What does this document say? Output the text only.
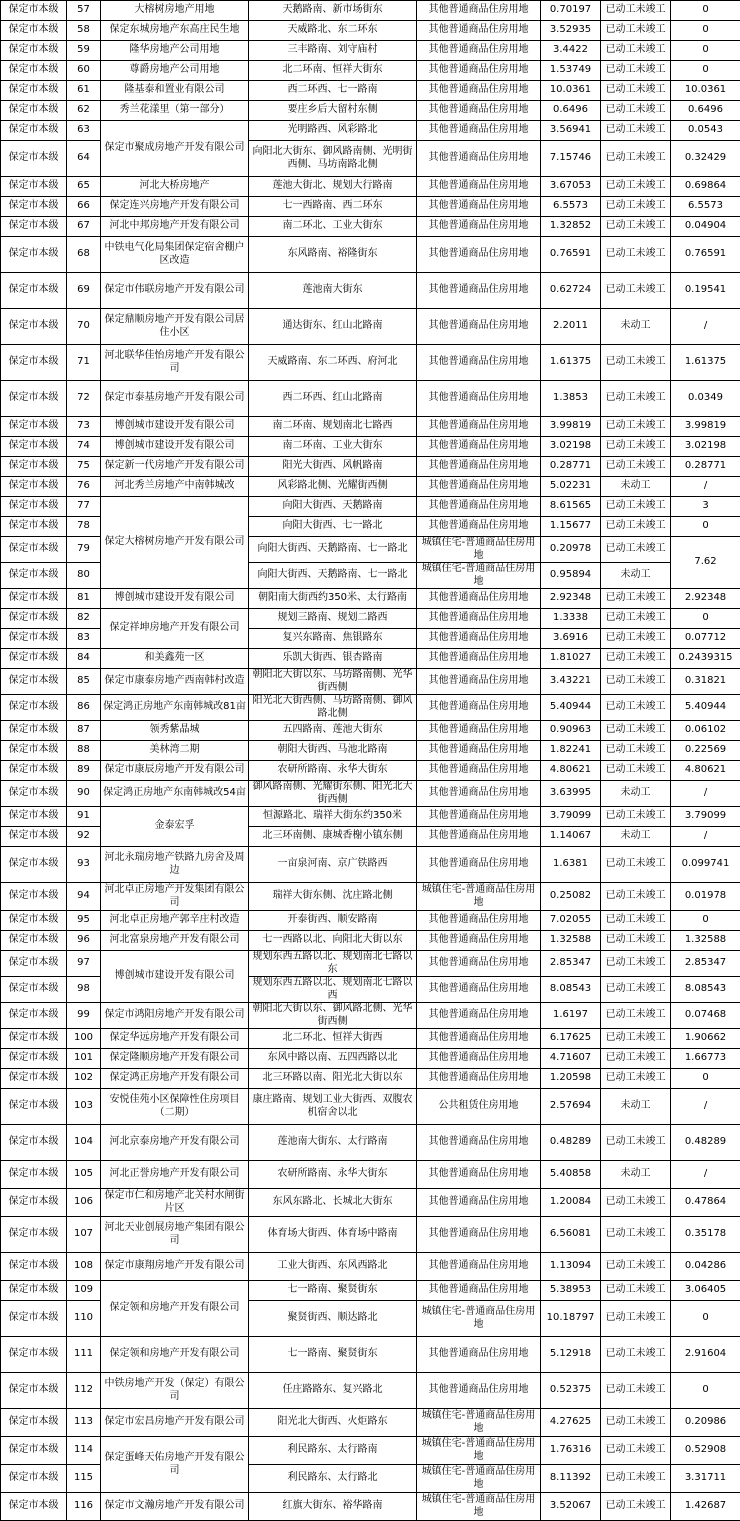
保定市本级	57	大榕树房地产用地	天鹅路南、新市场街东	其他普通商品住房用地	0.70197	已动工未竣工	0
保定市本级	58	保定东城房地产东高庄民生地	天威路北、东二环东	其他普通商品住房用地	3.52935	已动工未竣工	0
保定市本级	59	隆华房地产公司用地	三丰路南、刘守庙村	其他普通商品住房用地	3.4422	已动工未竣工	0
保定市本级	60	尊爵房地产公司用地	北二环南、恒祥大街东	其他普通商品住房用地	1.53749	已动工未竣工	0
保定市本级	61	隆基泰和置业有限公司	西二环西、七一路南	其他普通商品住房用地	10.0361	已动工未竣工	10.0361
保定市本级	62	秀兰花漾里（第一部分）	要庄乡后大留村东侧	其他普通商品住房用地	0.6496	已动工未竣工	0.6496
保定市本级	63	保定市聚成房地产开发有限公司	光明路西、风彩路北	其他普通商品住房用地	3.56941	已动工未竣工	0.0543
保定市本级	64		向阳北大街东、御风路南侧、光明街西侧、马坊南路北侧	其他普通商品住房用地	7.15746	已动工未竣工	0.32429
保定市本级	65	河北大桥房地产	莲池大街北、规划大行路南	其他普通商品住房用地	3.67053	已动工未竣工	0.69864
保定市本级	66	保定连兴房地产开发有限公司	七一西路南、西二环东	其他普通商品住房用地	6.5573	已动工未竣工	6.5573
保定市本级	67	河北中邦房地产开发有限公司	南二环北、工业大街东	其他普通商品住房用地	1.32852	已动工未竣工	0.04904
保定市本级	68	中铁电气化局集团保定宿舍棚户区改造	东风路南、裕隆街东	其他普通商品住房用地	0.76591	已动工未竣工	0.76591
保定市本级	69	保定市伟联房地产开发有限公司	莲池南大街东	其他普通商品住房用地	0.62724	已动工未竣工	0.19541
保定市本级	70	保定鼎顺房地产开发有限公司居住小区	通达街东、红山北路南	其他普通商品住房用地	2.2011	未动工	/
保定市本级	71	河北联华佳怡房地产开发有限公司	天威路南、东二环西、府河北	其他普通商品住房用地	1.61375	已动工未竣工	1.61375
保定市本级	72	保定市泰基房地产开发有限公司	西二环西、红山北路南	其他普通商品住房用地	1.3853	已动工未竣工	0.0349
保定市本级	73	博创城市建设开发有限公司	南二环南、规划南北七路西	其他普通商品住房用地	3.99819	已动工未竣工	3.99819
保定市本级	74	博创城市建设开发有限公司	南二环南、工业大街东	其他普通商品住房用地	3.02198	已动工未竣工	3.02198
保定市本级	75	保定新一代房地产开发有限公司	阳光大街西、风帆路南	其他普通商品住房用地	0.28771	已动工未竣工	0.28771
保定市本级	76	河北秀兰房地产中南韩城改	风彩路北侧、光耀街西侧	其他普通商品住房用地	5.02231	未动工	/
保定市本级	77	保定大榕树房地产开发有限公司	向阳大街西、天鹅路南	其他普通商品住房用地	8.61565	已动工未竣工	3
保定市本级	78		向阳大街西、七一路北	其他普通商品住房用地	1.15677	已动工未竣工	0
保定市本级	79		向阳大街西、天鹅路南、七一路北	城镇住宅-普通商品住房用地	0.20978	已动工未竣工	7.62
保定市本级	80		向阳大街西、天鹅路南、七一路北	城镇住宅-普通商品住房用地	0.95894	未动工	
保定市本级	81	博创城市建设开发有限公司	朝阳南大街西约350米、太行路南	其他普通商品住房用地	2.92348	已动工未竣工	2.92348
保定市本级	82	保定祥坤房地产开发有限公司	规划三路南、规划二路西	其他普通商品住房用地	1.3338	已动工未竣工	0
保定市本级	83		复兴东路南、焦银路东	其他普通商品住房用地	3.6916	已动工未竣工	0.07712
保定市本级	84	和美鑫苑一区	乐凯大街西、银杏路南	其他普通商品住房用地	1.81027	已动工未竣工	0.2439315
保定市本级	85	保定市康泰房地产西南韩村改造	朝阳北大街以东、马坊路南侧、光华街西侧	其他普通商品住房用地	3.43221	已动工未竣工	0.31821
保定市本级	86	保定鸿正房地产东南韩城改81亩	阳光北大街西侧、马坊路南侧、御风路北侧	其他普通商品住房用地	5.40944	已动工未竣工	5.40944
保定市本级	87	领秀紫晶城	五四路南、莲池大街东	其他普通商品住房用地	0.90963	已动工未竣工	0.06102
保定市本级	88	美林湾二期	朝阳大街西、马池北路南	其他普通商品住房用地	1.82241	已动工未竣工	0.22569
保定市本级	89	保定市康辰房地产开发有限公司	农研所路南、永华大街东	其他普通商品住房用地	4.80621	已动工未竣工	4.80621
保定市本级	90	保定鸿正房地产东南韩城改54亩	御风路南侧、光耀街东侧、阳光北大街西侧	其他普通商品住房用地	3.63995	未动工	/
保定市本级	91	金泰宏孚	恒源路北、瑞祥大街东约350米	其他普通商品住房用地	3.79099	已动工未竣工	3.79099
保定市本级	92		北三环南侧、康城香榭小镇东侧	其他普通商品住房用地	1.14067	未动工	/
保定市本级	93	河北永瑞房地产铁路九房舍及周边	一亩泉河南、京广铁路西	其他普通商品住房用地	1.6381	已动工未竣工	0.099741
保定市本级	94	河北卓正房地产开发集团有限公司	瑞祥大街东侧、沈庄路北侧	城镇住宅-普通商品住房用地	0.25082	已动工未竣工	0.01978
保定市本级	95	河北卓正房地产郭辛庄村改造	开泰街西、顺安路南	其他普通商品住房用地	7.02055	已动工未竣工	0
保定市本级	96	河北富泉房地产开发有限公司	七一西路以北、向阳北大街以东	其他普通商品住房用地	1.32588	已动工未竣工	1.32588
保定市本级	97	博创城市建设开发有限公司	规划东西五路以北、规划南北七路以东	其他普通商品住房用地	2.85347	已动工未竣工	2.85347
保定市本级	98		规划东西五路以北、规划南北七路以西	其他普通商品住房用地	8.08543	已动工未竣工	8.08543
保定市本级	99	保定市鸿阳房地产开发有限公司	朝阳北大街以东、御风路北侧、光华街西侧	其他普通商品住房用地	1.6197	已动工未竣工	0.07468
保定市本级	100	保定华远房地产开发有限公司	北二环北、恒祥大街西	其他普通商品住房用地	6.17625	已动工未竣工	1.90662
保定市本级	101	保定隆顺房地产开发有限公司	东风中路以南、五四西路以北	其他普通商品住房用地	4.71607	已动工未竣工	1.66773
保定市本级	102	保定鸿正房地产开发有限公司	北三环路以南、阳光北大街以东	其他普通商品住房用地	1.20598	已动工未竣工	0
保定市本级	103	安悦佳苑小区保障性住房项目（二期）	康庄路南、规划工业大街西、双腹农机宿舍以北	公共租赁住房用地	2.57694	未动工	/
保定市本级	104	河北京泰房地产开发有限公司	莲池南大街东、太行路南	其他普通商品住房用地	0.48289	已动工未竣工	0.48289
保定市本级	105	河北正誉房地产开发有限公司	农研所路南、永华大街东	其他普通商品住房用地	5.40858	未动工	/
保定市本级	106	保定市仁和房地产北关村水闸街片区	东风东路北、长城北大街东	其他普通商品住房用地	1.20084	已动工未竣工	0.47864
保定市本级	107	河北天业创展房地产集团有限公司	体育场大街西、体育场中路南	其他普通商品住房用地	6.56081	已动工未竣工	0.35178
保定市本级	108	保定市康翔房地产开发有限公司	工业大街西、东风西路北	其他普通商品住房用地	1.13094	已动工未竣工	0.04286
保定市本级	109	保定领和房地产开发有限公司	七一路南、聚贤街东	其他普通商品住房用地	5.38953	已动工未竣工	3.06405
保定市本级	110		聚贤街西、顺达路北	城镇住宅-普通商品住房用地	10.18797	已动工未竣工	0
保定市本级	111	保定领和房地产开发有限公司	七一路南、聚贤街东	其他普通商品住房用地	5.12918	已动工未竣工	2.91604
保定市本级	112	中铁房地产开发（保定）有限公司	任庄路路东、复兴路北	其他普通商品住房用地	0.52375	已动工未竣工	0
保定市本级	113	保定市宏昌房地产开发有限公司	阳光北大街西、火炬路东	城镇住宅-普通商品住房用地	4.27625	已动工未竣工	0.20986
保定市本级	114	保定蛋峰天佑房地产开发有限公司	利民路东、太行路南	城镇住宅-普通商品住房用地	1.76316	已动工未竣工	0.52908
保定市本级	115		利民路东、太行路北	城镇住宅-普通商品住房用地	8.11392	已动工未竣工	3.31711
保定市本级	116	保定市文瀚房地产开发有限公司	红旗大街东、裕华路南	城镇住宅-普通商品住房用地	3.52067	已动工未竣工	1.42687
